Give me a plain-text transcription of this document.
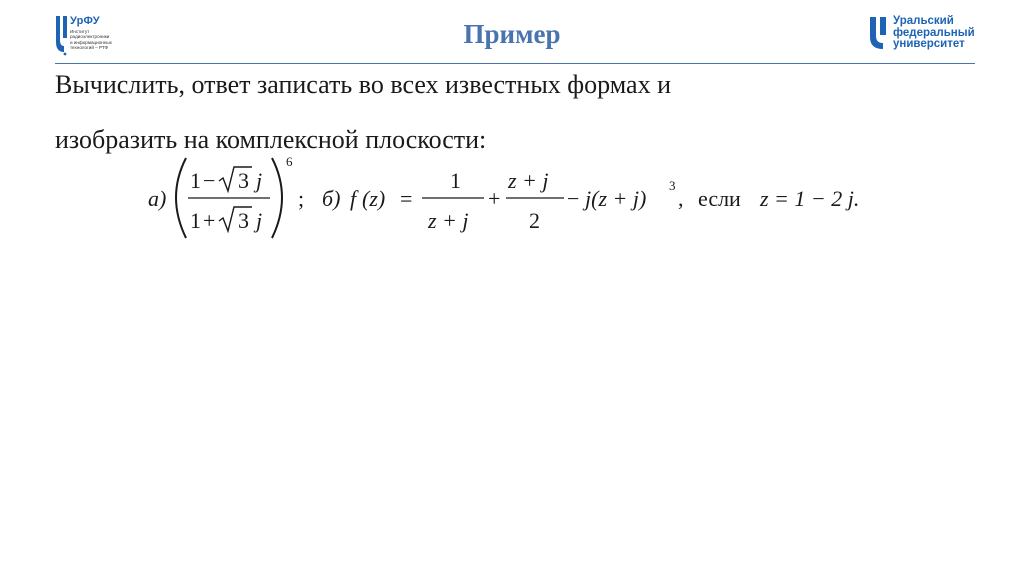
УрФУ
Институт
радиоэлектроники
и информационных
технологий – РТФ	Пример	Уральский
федеральный
университет
Вычислить, ответ записать во всех известных формах и
изобразить на комплексной плоскости:
а)
1 − 3 j
1 + 3 j
6
; б) f (z) =
1
z + j
+
z + j
2
− j(z + j)
3
, если z = 1 − 2 j.
